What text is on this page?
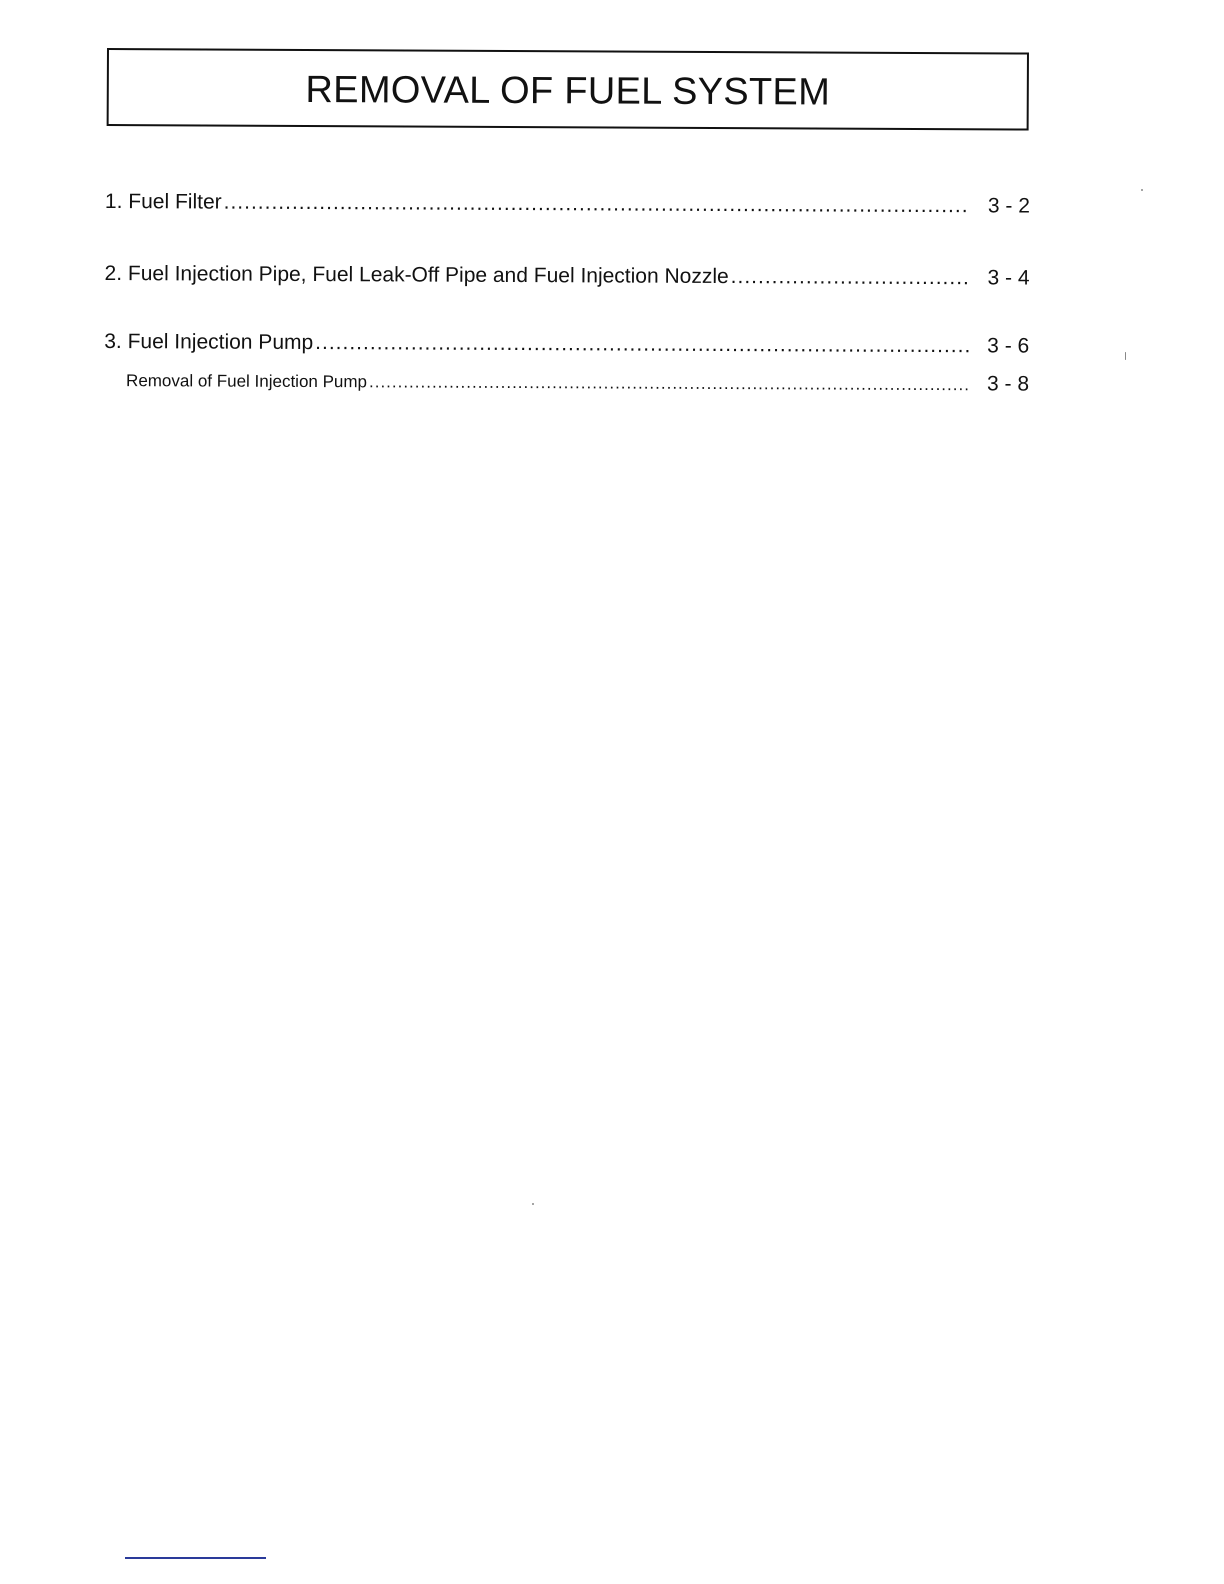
REMOVAL OF FUEL SYSTEM
1. Fuel Filter .....	3 - 2
2. Fuel Injection Pipe, Fuel Leak-Off Pipe and Fuel Injection Nozzle .....	3 - 4
3. Fuel Injection Pump .....	3 - 6
Removal of Fuel Injection Pump .....	3 - 8
